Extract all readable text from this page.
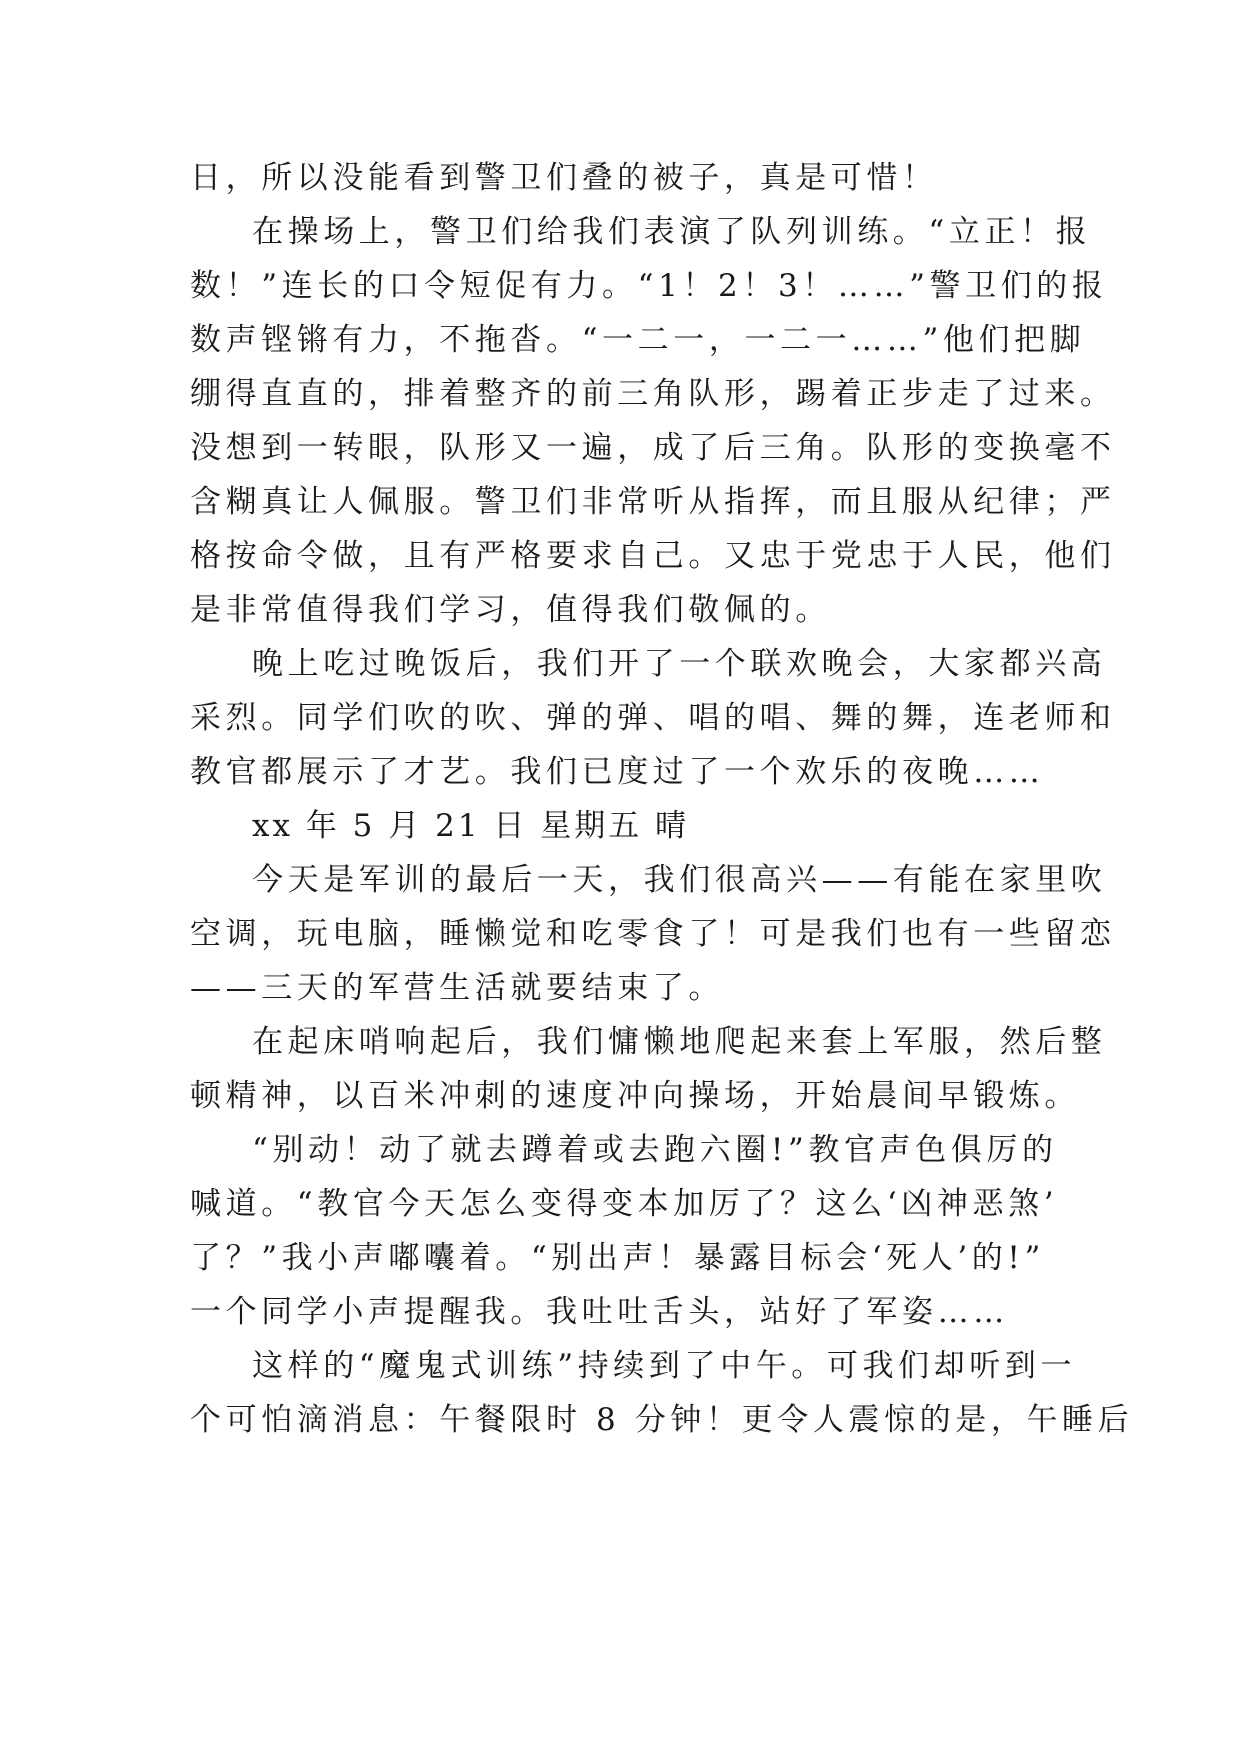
日，所以没能看到警卫们叠的被子，真是可惜！
在操场上，警卫们给我们表演了队列训练。“立正！报
数！”连长的口令短促有力。“1！2！3！……”警卫们的报
数声铿锵有力，不拖沓。“一二一，一二一……”他们把脚
绷得直直的，排着整齐的前三角队形，踢着正步走了过来。
没想到一转眼，队形又一遍，成了后三角。队形的变换毫不
含糊真让人佩服。警卫们非常听从指挥，而且服从纪律；严
格按命令做，且有严格要求自己。又忠于党忠于人民，他们
是非常值得我们学习，值得我们敬佩的。
晚上吃过晚饭后，我们开了一个联欢晚会，大家都兴高
采烈。同学们吹的吹、弹的弹、唱的唱、舞的舞，连老师和
教官都展示了才艺。我们已度过了一个欢乐的夜晚……
xx 年 5 月 21 日 星期五 晴
今天是军训的最后一天，我们很高兴——有能在家里吹
空调，玩电脑，睡懒觉和吃零食了！可是我们也有一些留恋
——三天的军营生活就要结束了。
在起床哨响起后，我们慵懒地爬起来套上军服，然后整
顿精神，以百米冲刺的速度冲向操场，开始晨间早锻炼。
“别动！动了就去蹲着或去跑六圈!”教官声色俱厉的
喊道。“教官今天怎么变得变本加厉了？这么‘凶神恶煞’
了？”我小声嘟囔着。“别出声！暴露目标会‘死人’的!”
一个同学小声提醒我。我吐吐舌头，站好了军姿……
这样的“魔鬼式训练”持续到了中午。可我们却听到一
个可怕滴消息：午餐限时 8 分钟！更令人震惊的是，午睡后
